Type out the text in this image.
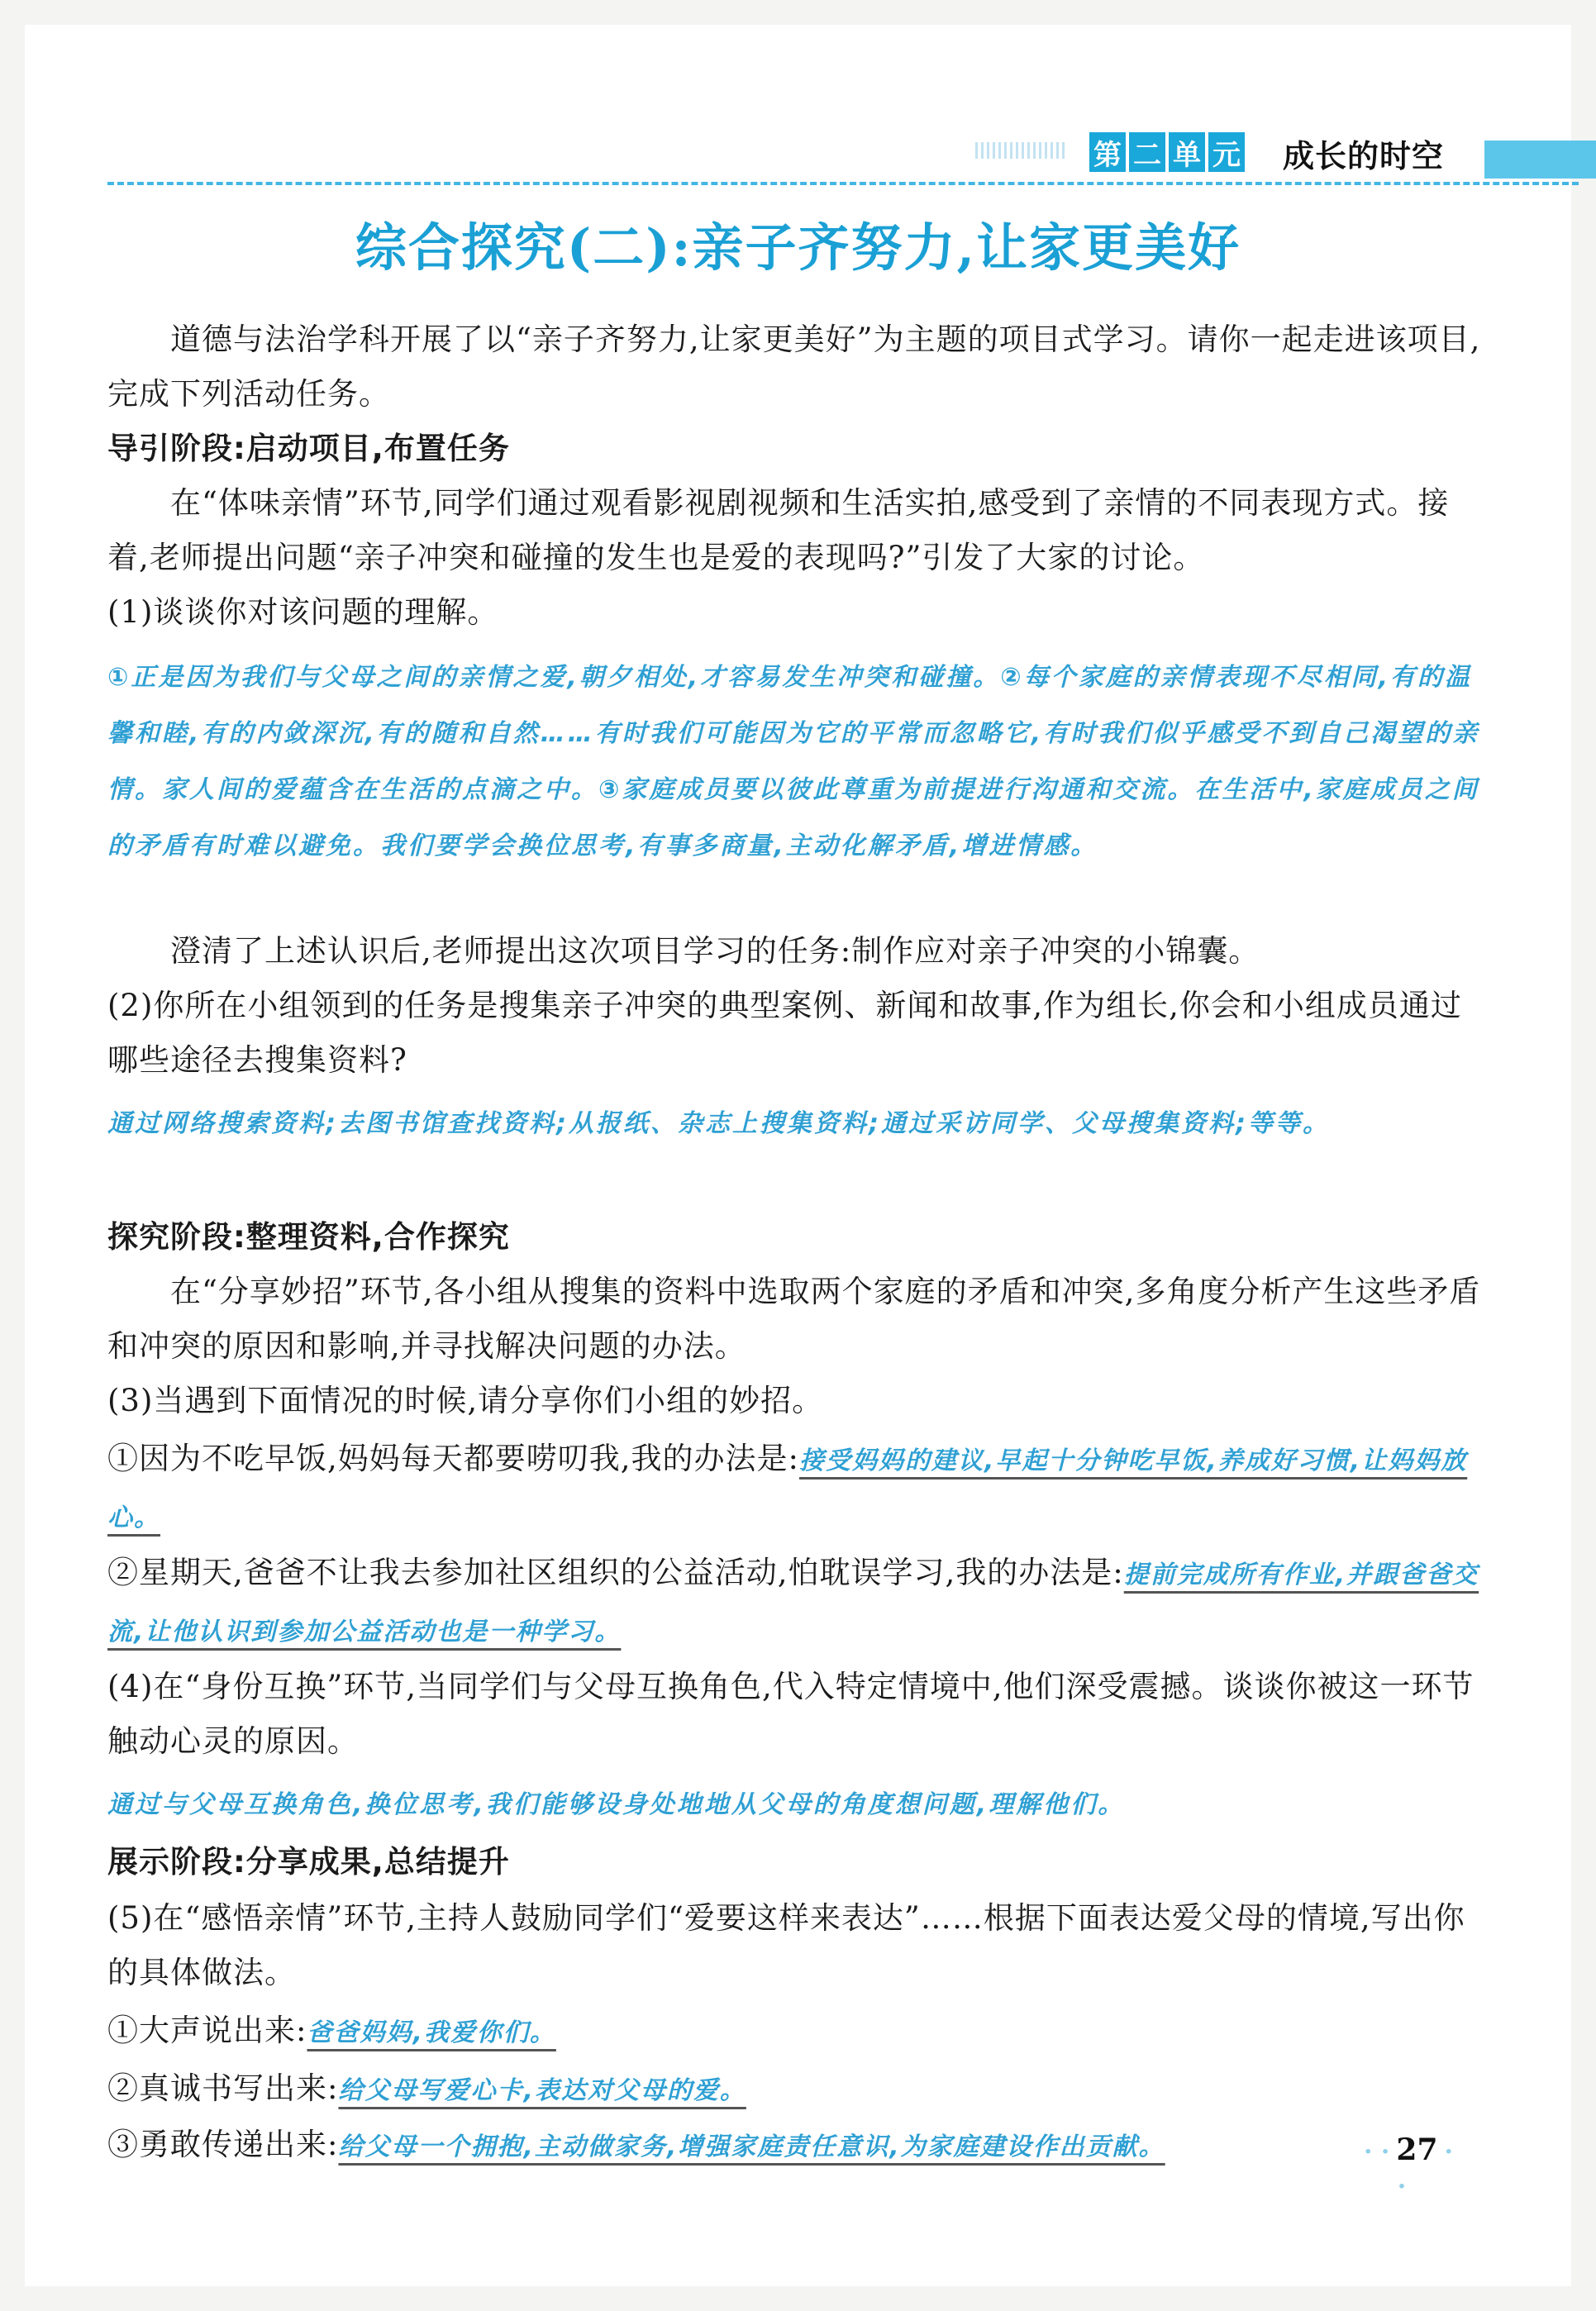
第 二 单 元 成长的时空
综合探究(二):亲子齐努力,让家更美好

道德与法治学科开展了以“亲子齐努力,让家更美好”为主题的项目式学习。请你一起走进该项目,完成下列活动任务。

导引阶段:启动项目,布置任务

在“体味亲情”环节,同学们通过观看影视剧视频和生活实拍,感受到了亲情的不同表现方式。接着,老师提出问题“亲子冲突和碰撞的发生也是爱的表现吗?”引发了大家的讨论。

(1)谈谈你对该问题的理解。

①正是因为我们与父母之间的亲情之爱,朝夕相处,才容易发生冲突和碰撞。②每个家庭的亲情表现不尽相同,有的温馨和睦,有的内敛深沉,有的随和自然……有时我们可能因为它的平常而忽略它,有时我们似乎感受不到自己渴望的亲情。家人间的爱蕴含在生活的点滴之中。③家庭成员要以彼此尊重为前提进行沟通和交流。在生活中,家庭成员之间的矛盾有时难以避免。我们要学会换位思考,有事多商量,主动化解矛盾,增进情感。

澄清了上述认识后,老师提出这次项目学习的任务:制作应对亲子冲突的小锦囊。

(2)你所在小组领到的任务是搜集亲子冲突的典型案例、新闻和故事,作为组长,你会和小组成员通过哪些途径去搜集资料?

通过网络搜索资料;去图书馆查找资料;从报纸、杂志上搜集资料;通过采访同学、父母搜集资料;等等。

探究阶段:整理资料,合作探究

在“分享妙招”环节,各小组从搜集的资料中选取两个家庭的矛盾和冲突,多角度分析产生这些矛盾和冲突的原因和影响,并寻找解决问题的办法。

(3)当遇到下面情况的时候,请分享你们小组的妙招。

①因为不吃早饭,妈妈每天都要唠叨我,我的办法是:接受妈妈的建议,早起十分钟吃早饭,养成好习惯,让妈妈放心。

②星期天,爸爸不让我去参加社区组织的公益活动,怕耽误学习,我的办法是:提前完成所有作业,并跟爸爸交流,让他认识到参加公益活动也是一种学习。

(4)在“身份互换”环节,当同学们与父母互换角色,代入特定情境中,他们深受震撼。谈谈你被这一环节触动心灵的原因。

通过与父母互换角色,换位思考,我们能够设身处地地从父母的角度想问题,理解他们。

展示阶段:分享成果,总结提升

(5)在“感悟亲情”环节,主持人鼓励同学们“爱要这样来表达”……根据下面表达爱父母的情境,写出你的具体做法。

①大声说出来:爸爸妈妈,我爱你们。

②真诚书写出来:给父母写爱心卡,表达对父母的爱。

③勇敢传递出来:给父母一个拥抱,主动做家务,增强家庭责任意识,为家庭建设作出贡献。

· ·	27 · ·
